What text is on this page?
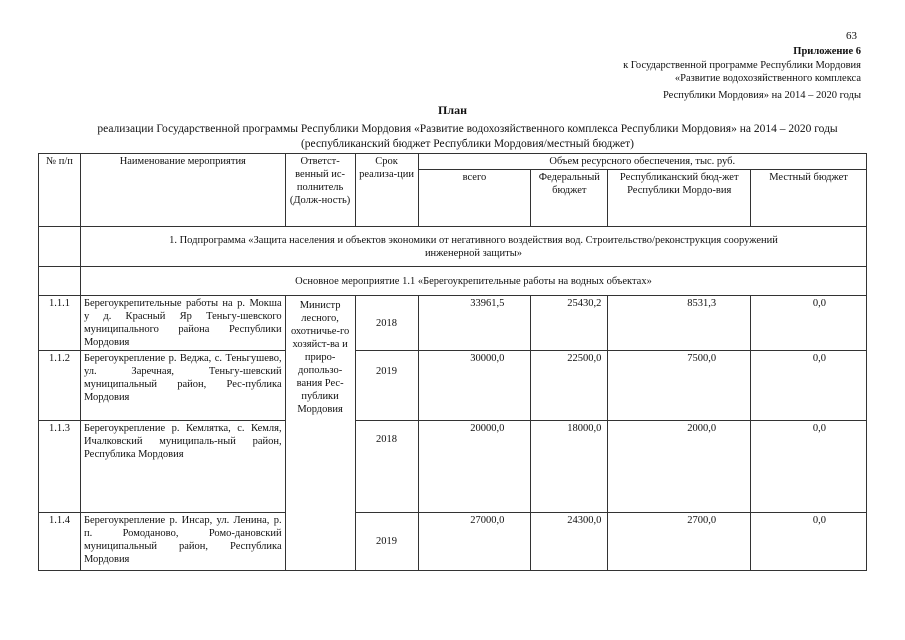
63
Приложение 6
к Государственной программе Республики Мордовия
«Развитие водохозяйственного комплекса
Республики Мордовия» на 2014 – 2020 годы
План
реализации Государственной программы Республики Мордовия «Развитие водохозяйственного комплекса Республики Мордовия» на 2014 – 2020 годы
(республиканский бюджет Республики Мордовия/местный бюджет)
№ п/п	Наименование мероприятия	Ответст-венный ис-полнитель (Долж-ность)	Срок реализа-ции	Объем ресурсного обеспечения, тыс. руб.			
				всего	Федеральный бюджет	Республиканский бюд-жет Республики Мордо-вия	Местный бюджет
	1. Подпрограмма «Защита населения и объектов экономики от негативного воздействия вод. Строительство/реконструкция сооружений инженерной защиты»						
	Основное мероприятие 1.1 «Берегоукрепительные работы на водных объектах»						
1.1.1	Берегоукрепительные работы на р. Мокша у д. Красный Яр Теньгу-шевского муниципального района Республики Мордовия	Министр лесного, охотничье-го хозяйст-ва и приро-допользо-вания Рес-публики Мордовия	2018	33961,5	25430,2	8531,3	0,0
1.1.2	Берегоукрепление р. Веджа, с. Теньгушево, ул. Заречная, Теньгу-шевский муниципальный район, Рес-публика Мордовия		2019	30000,0	22500,0	7500,0	0,0
1.1.3	Берегоукрепление р. Кемлятка, с. Кемля, Ичалковский муниципаль-ный район, Республика Мордовия		2018	20000,0	18000,0	2000,0	0,0
1.1.4	Берегоукрепление р. Инсар, ул. Ленина, р. п. Ромоданово, Ромо-дановский муниципальный район, Республика Мордовия		2019	27000,0	24300,0	2700,0	0,0
